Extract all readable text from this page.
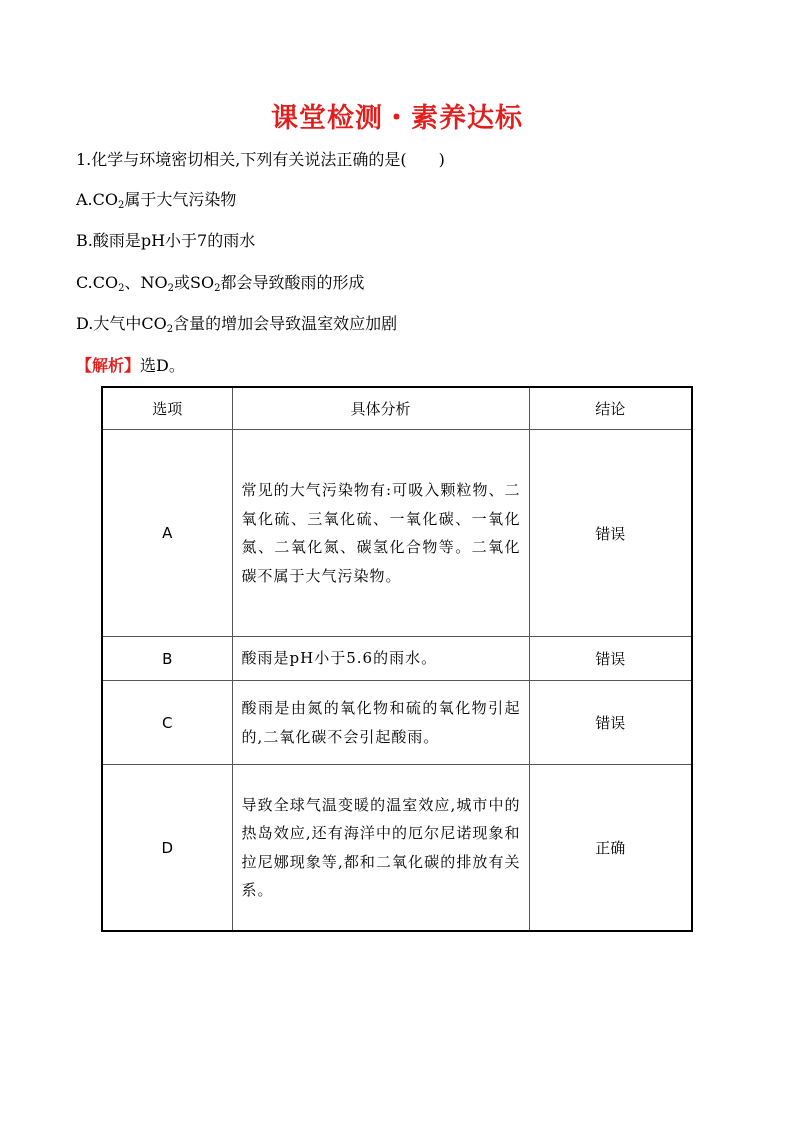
课堂检测・素养达标
1.化学与环境密切相关,下列有关说法正确的是(　　)
$A.CO_2$属于大气污染物
B.酸雨是pH小于7的雨水
$C.CO_2$、$NO_2$或$SO_2$都会导致酸雨的形成
D.大气中$CO_2$含量的增加会导致温室效应加剧
【解析】选D。
选项	具体分析	结论
A	常见的大气污染物有:可吸入颗粒物、二氧化硫、三氧化硫、一氧化碳、一氧化氮、二氧化氮、碳氢化合物等。二氧化碳不属于大气污染物。	错误
B	酸雨是pH小于5.6的雨水。	错误
C	酸雨是由氮的氧化物和硫的氧化物引起的,二氧化碳不会引起酸雨。	错误
D	导致全球气温变暖的温室效应,城市中的热岛效应,还有海洋中的厄尔尼诺现象和拉尼娜现象等,都和二氧化碳的排放有关系。	正确
